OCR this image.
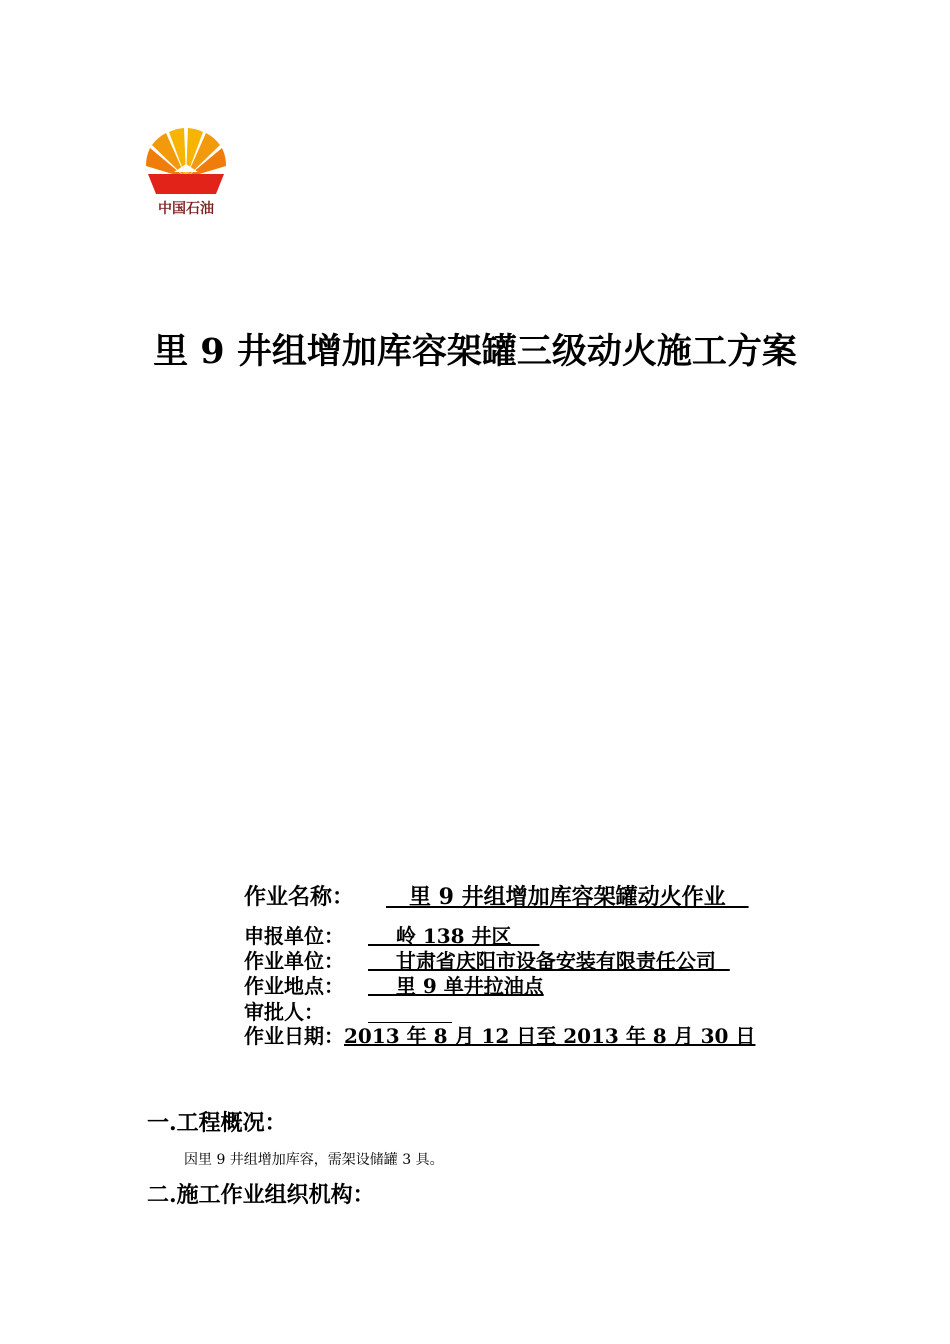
中国石油
里 9 井组增加库容架罐三级动火施工方案
作业名称：   里 9 井组增加库容架罐动火作业
申报单位：    岭 138 井区
作业单位：    甘肃省庆阳市设备安装有限责任公司
作业地点：    里 9 单井拉油点
审批人：
作业日期：2013 年 8 月 12 日至 2013 年 8 月 30 日
一.工程概况：
因里 9 井组增加库容，需架设储罐 3 具。
二.施工作业组织机构：
